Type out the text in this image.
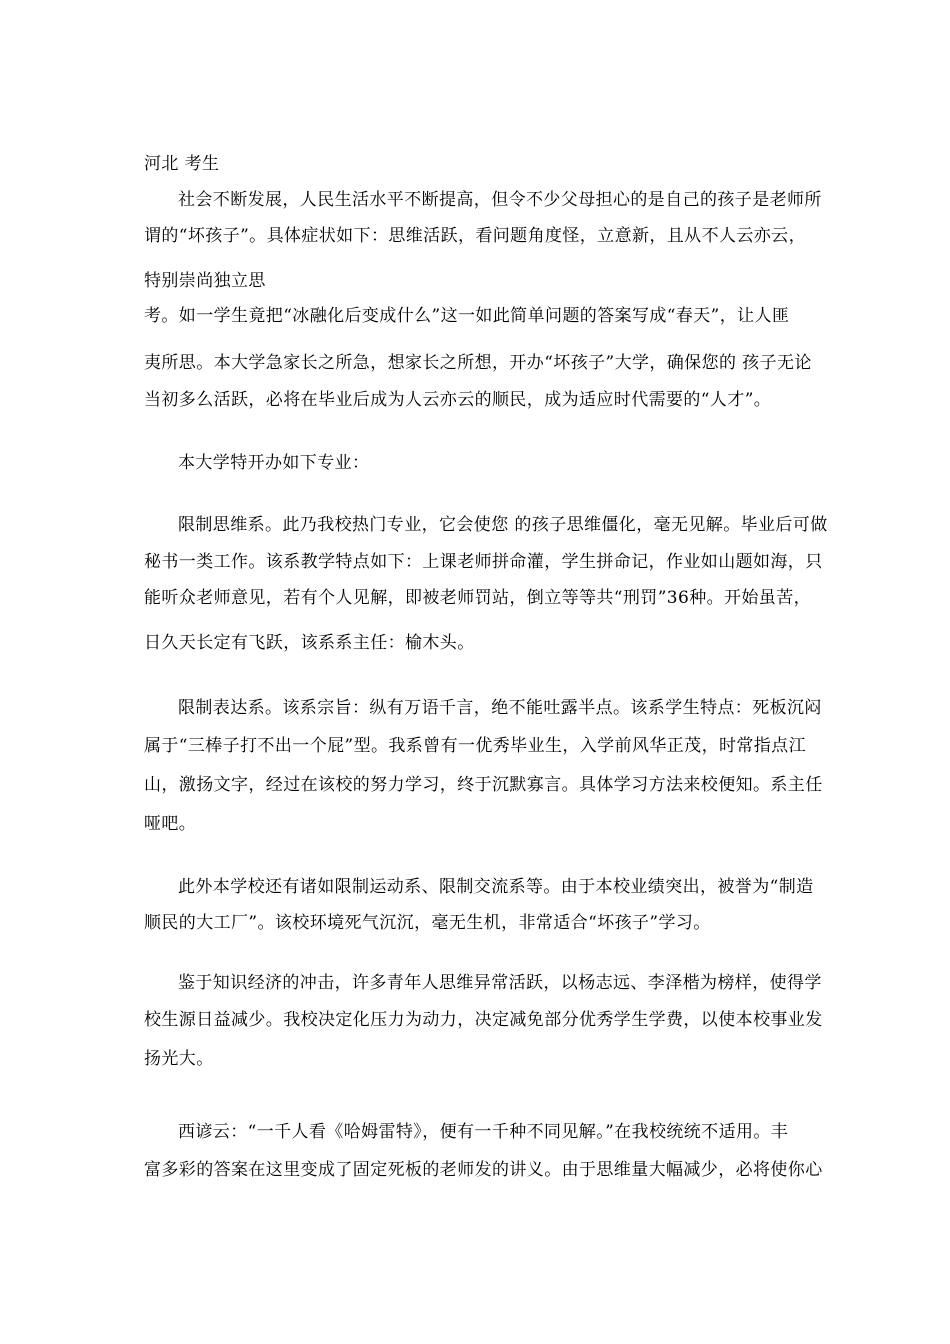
河北 考生
社会不断发展，人民生活水平不断提高，但令不少父母担心的是自己的孩子是老师所
谓的“坏孩子”。具体症状如下：思维活跃，看问题角度怪，立意新，且从不人云亦云，
特别崇尚独立思
考。如一学生竟把“冰融化后变成什么”这一如此简单问题的答案写成“春天”，让人匪
夷所思。本大学急家长之所急，想家长之所想，开办“坏孩子”大学，确保您的 孩子无论
当初多么活跃，必将在毕业后成为人云亦云的顺民，成为适应时代需要的“人才”。
本大学特开办如下专业：
限制思维系。此乃我校热门专业，它会使您 的孩子思维僵化，毫无见解。毕业后可做
秘书一类工作。该系教学特点如下：上课老师拼命灌，学生拼命记，作业如山题如海，只
能听众老师意见，若有个人见解，即被老师罚站，倒立等等共“刑罚”36种。开始虽苦，
日久天长定有飞跃，该系系主任：榆木头。
限制表达系。该系宗旨：纵有万语千言，绝不能吐露半点。该系学生特点：死板沉闷
属于“三棒子打不出一个屁”型。我系曾有一优秀毕业生，入学前风华正茂，时常指点江
山，激扬文字，经过在该校的努力学习，终于沉默寡言。具体学习方法来校便知。系主任
哑吧。
此外本学校还有诸如限制运动系、限制交流系等。由于本校业绩突出，被誉为“制造
顺民的大工厂”。该校环境死气沉沉，毫无生机，非常适合“坏孩子”学习。
鉴于知识经济的冲击，许多青年人思维异常活跃，以杨志远、李泽楷为榜样，使得学
校生源日益减少。我校决定化压力为动力，决定减免部分优秀学生学费，以使本校事业发
扬光大。
西谚云：“一千人看《哈姆雷特》，便有一千种不同见解。”在我校统统不适用。丰
富多彩的答案在这里变成了固定死板的老师发的讲义。由于思维量大幅减少，必将使你心
